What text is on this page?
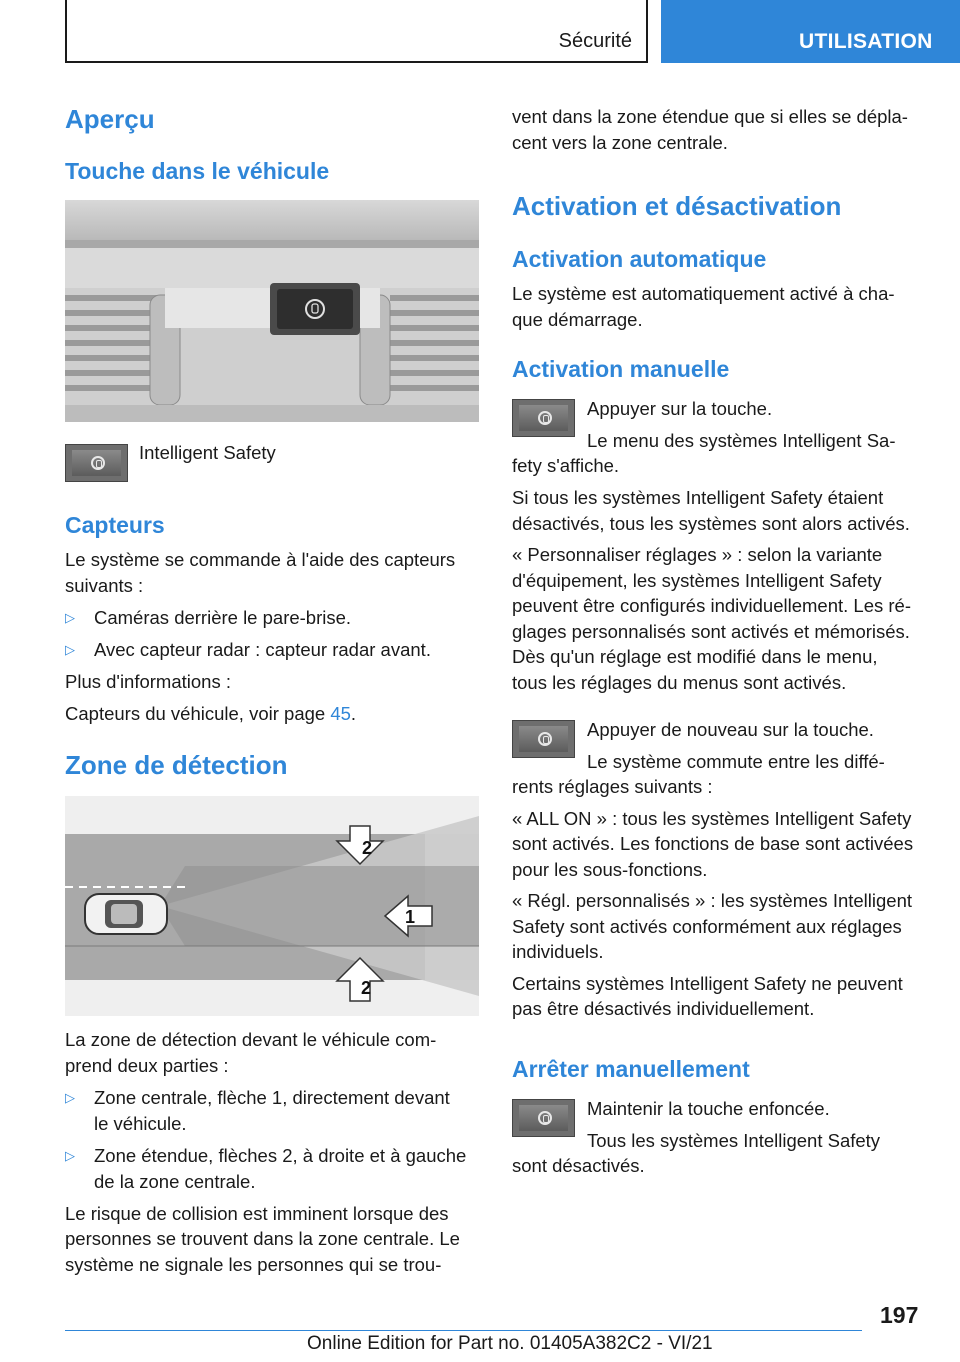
Sécurité	UTILISATION
Aperçu
Touche dans le véhicule
Intelligent Safety
Capteurs
Le système se commande à l'aide des capteurs
suivants :
▷ Caméras derrière le pare-brise.
▷ Avec capteur radar : capteur radar avant.
Plus d'informations :
Capteurs du véhicule, voir page 45.
Zone de détection
2
1
2
La zone de détection devant le véhicule com-
prend deux parties :
▷ Zone centrale, flèche 1, directement devant
le véhicule.
▷ Zone étendue, flèches 2, à droite et à gauche
de la zone centrale.
Le risque de collision est imminent lorsque des
personnes se trouvent dans la zone centrale. Le
système ne signale les personnes qui se trou-
vent dans la zone étendue que si elles se dépla-
cent vers la zone centrale.
Activation et désactivation
Activation automatique
Le système est automatiquement activé à cha-
que démarrage.
Activation manuelle
Appuyer sur la touche.
Le menu des systèmes Intelligent Sa-
fety s'affiche.
Si tous les systèmes Intelligent Safety étaient
désactivés, tous les systèmes sont alors activés.
« Personnaliser réglages » : selon la variante
d'équipement, les systèmes Intelligent Safety
peuvent être configurés individuellement. Les ré-
glages personnalisés sont activés et mémorisés.
Dès qu'un réglage est modifié dans le menu,
tous les réglages du menus sont activés.
Appuyer de nouveau sur la touche.
Le système commute entre les diffé-
rents réglages suivants :
« ALL ON » : tous les systèmes Intelligent Safety
sont activés. Les fonctions de base sont activées
pour les sous-fonctions.
« Régl. personnalisés » : les systèmes Intelligent
Safety sont activés conformément aux réglages
individuels.
Certains systèmes Intelligent Safety ne peuvent
pas être désactivés individuellement.
Arrêter manuellement
Maintenir la touche enfoncée.
Tous les systèmes Intelligent Safety
sont désactivés.
197
Online Edition for Part no. 01405A382C2 - VI/21
